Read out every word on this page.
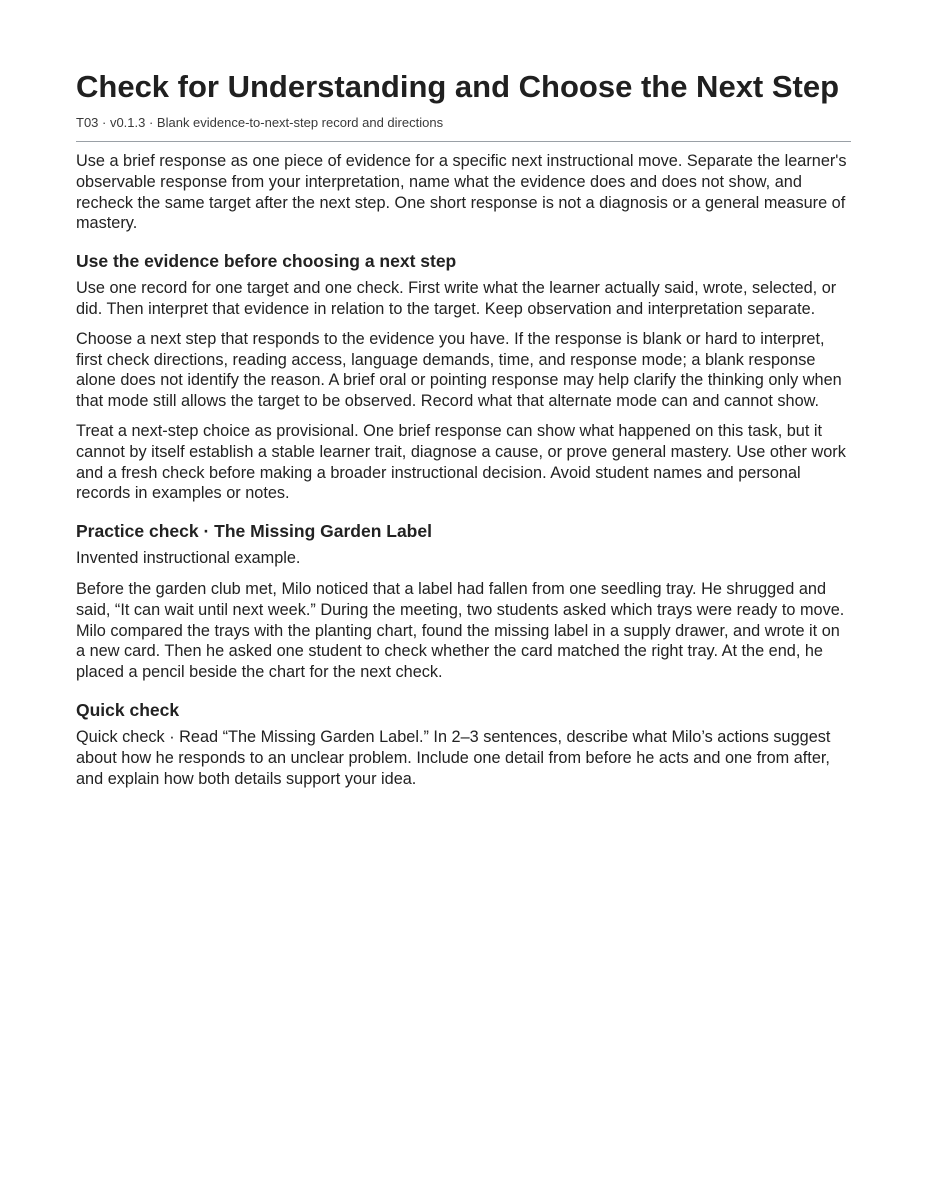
Check for Understanding and Choose the Next Step
T03 · v0.1.3 · Blank evidence-to-next-step record and directions

Use a brief response as one piece of evidence for a specific next instructional move. Separate the learner's observable response from your interpretation, name what the evidence does and does not show, and recheck the same target after the next step. One short response is not a diagnosis or a general measure of mastery.

Use the evidence before choosing a next step

Use one record for one target and one check. First write what the learner actually said, wrote, selected, or did. Then interpret that evidence in relation to the target. Keep observation and interpretation separate.

Choose a next step that responds to the evidence you have. If the response is blank or hard to interpret, first check directions, reading access, language demands, time, and response mode; a blank response alone does not identify the reason. A brief oral or pointing response may help clarify the thinking only when that mode still allows the target to be observed. Record what that alternate mode can and cannot show.

Treat a next-step choice as provisional. One brief response can show what happened on this task, but it cannot by itself establish a stable learner trait, diagnose a cause, or prove general mastery. Use other work and a fresh check before making a broader instructional decision. Avoid student names and personal records in examples or notes.

Practice check · The Missing Garden Label

Invented instructional example.

Before the garden club met, Milo noticed that a label had fallen from one seedling tray. He shrugged and said, “It can wait until next week.” During the meeting, two students asked which trays were ready to move. Milo compared the trays with the planting chart, found the missing label in a supply drawer, and wrote it on a new card. Then he asked one student to check whether the card matched the right tray. At the end, he placed a pencil beside the chart for the next check.

Quick check

Quick check · Read “The Missing Garden Label.” In 2–3 sentences, describe what Milo’s actions suggest about how he responds to an unclear problem. Include one detail from before he acts and one from after, and explain how both details support your idea.
